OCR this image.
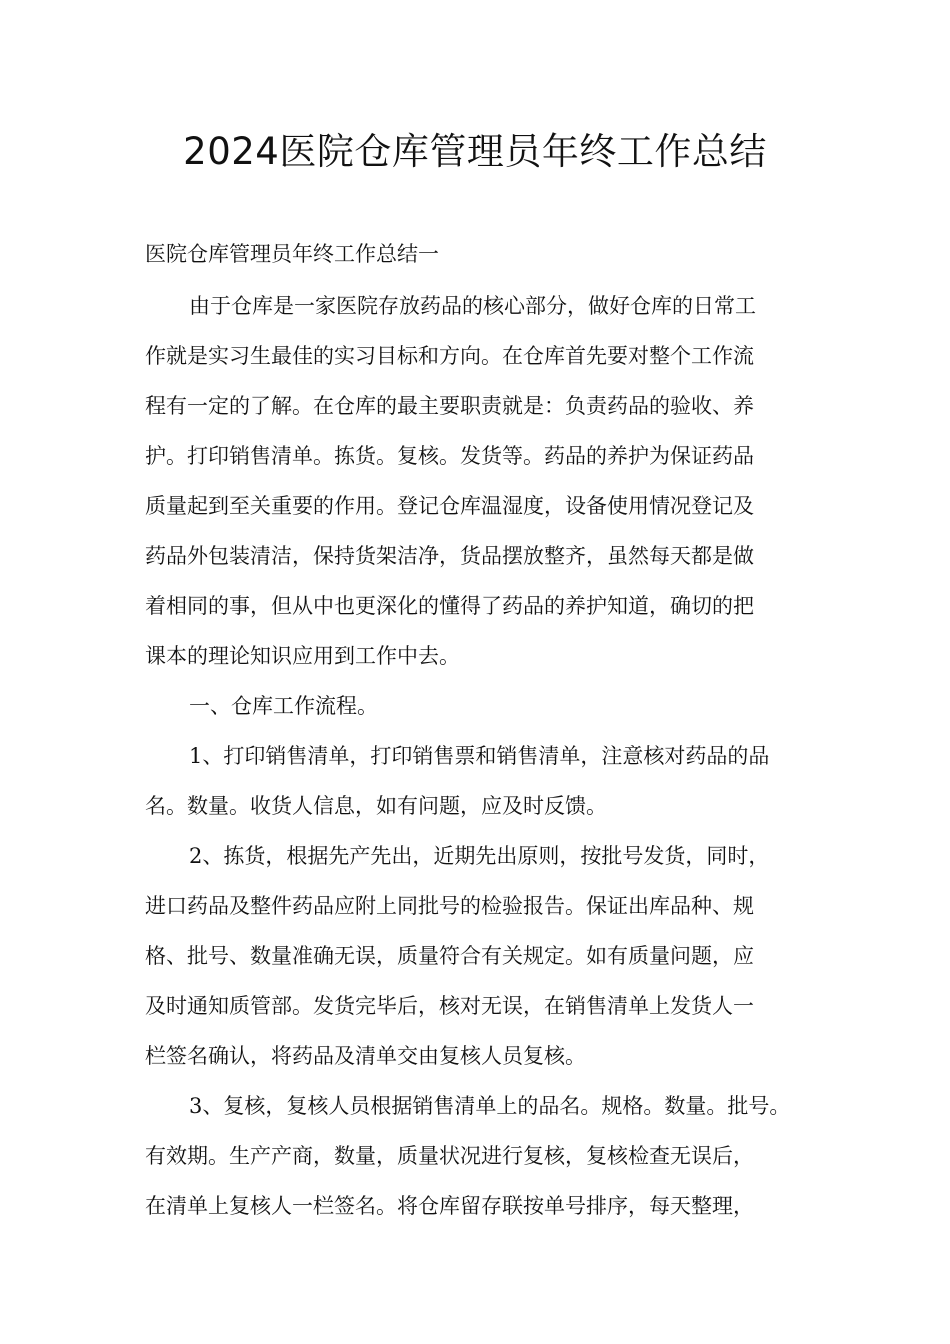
2024医院仓库管理员年终工作总结

医院仓库管理员年终工作总结一

由于仓库是一家医院存放药品的核心部分，做好仓库的日常工
作就是实习生最佳的实习目标和方向。在仓库首先要对整个工作流
程有一定的了解。在仓库的最主要职责就是：负责药品的验收、养
护。打印销售清单。拣货。复核。发货等。药品的养护为保证药品
质量起到至关重要的作用。登记仓库温湿度，设备使用情况登记及
药品外包装清洁，保持货架洁净，货品摆放整齐，虽然每天都是做
着相同的事，但从中也更深化的懂得了药品的养护知道，确切的把
课本的理论知识应用到工作中去。

一、仓库工作流程。

1、打印销售清单，打印销售票和销售清单，注意核对药品的品
名。数量。收货人信息，如有问题，应及时反馈。

2、拣货，根据先产先出，近期先出原则，按批号发货，同时，
进口药品及整件药品应附上同批号的检验报告。保证出库品种、规
格、批号、数量准确无误，质量符合有关规定。如有质量问题，应
及时通知质管部。发货完毕后，核对无误，在销售清单上发货人一
栏签名确认，将药品及清单交由复核人员复核。

3、复核，复核人员根据销售清单上的品名。规格。数量。批号。
有效期。生产产商，数量，质量状况进行复核，复核检查无误后，
在清单上复核人一栏签名。将仓库留存联按单号排序，每天整理，
